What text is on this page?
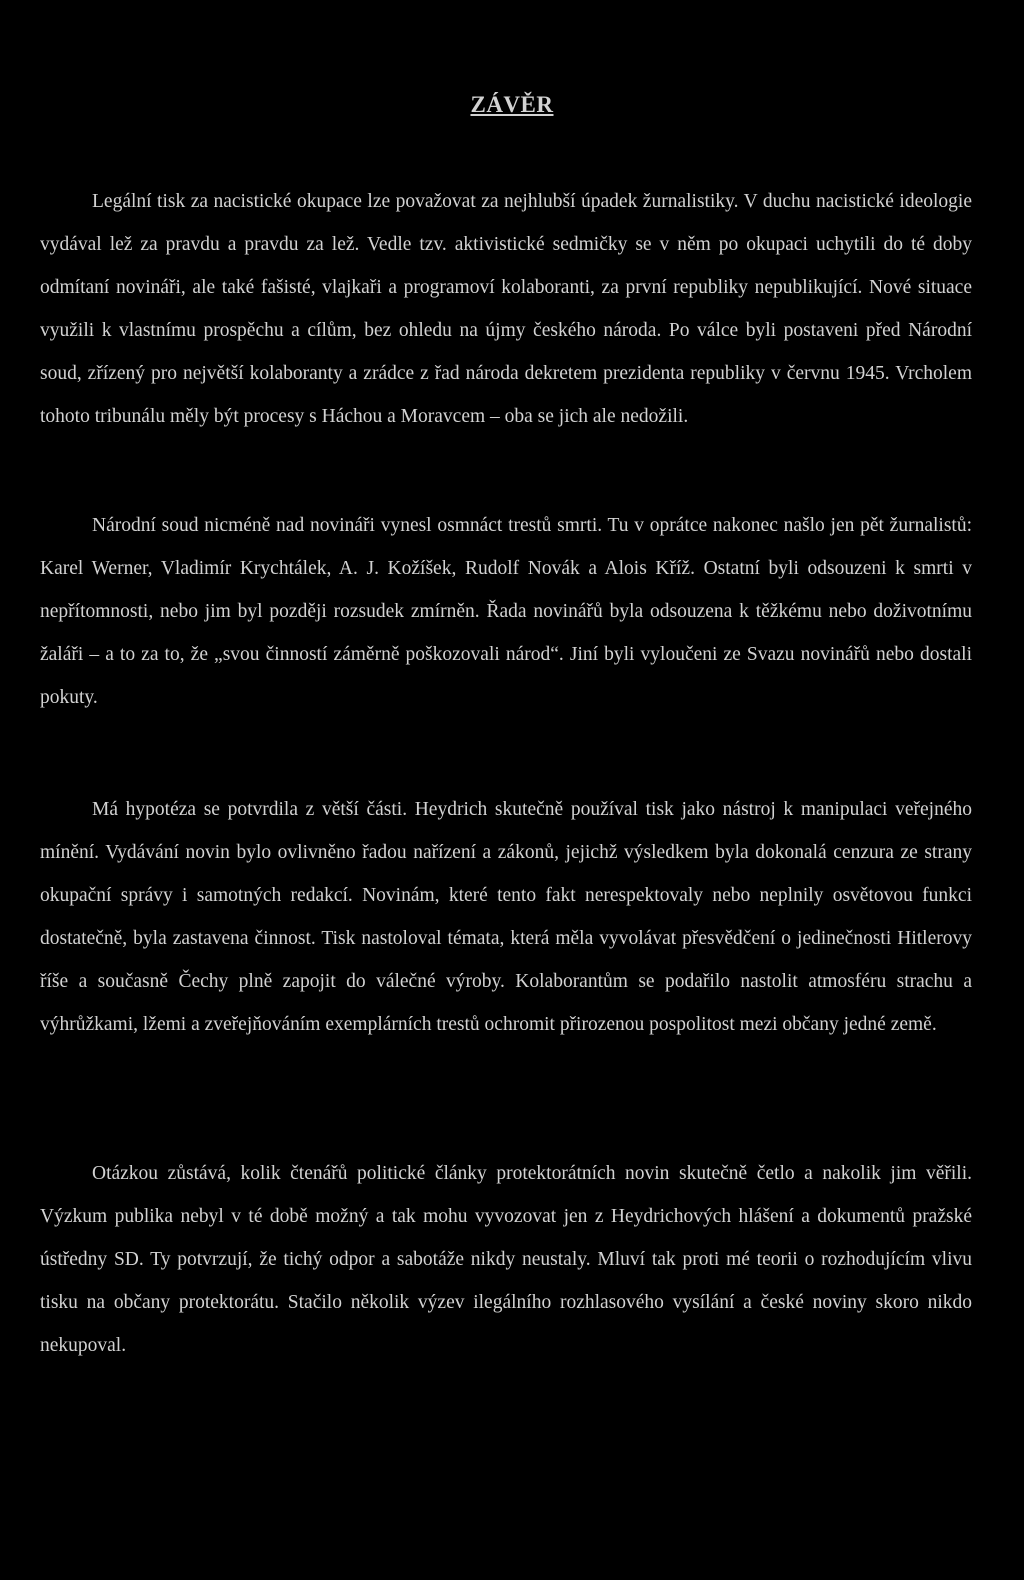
ZÁVĚR

Legální tisk za nacistické okupace lze považovat za nejhlubší úpadek žurnalistiky. V duchu nacistické ideologie vydával lež za pravdu a pravdu za lež. Vedle tzv. aktivistické sedmičky se v něm po okupaci uchytili do té doby odmítaní novináři, ale také fašisté, vlajkaři a programoví kolaboranti, za první republiky nepublikující. Nové situace využili k vlastnímu prospěchu a cílům, bez ohledu na újmy českého národa. Po válce byli postaveni před Národní soud, zřízený pro největší kolaboranty a zrádce z řad národa dekretem prezidenta republiky v červnu 1945. Vrcholem tohoto tribunálu měly být procesy s Háchou a Moravcem – oba se jich ale nedožili.

Národní soud nicméně nad novináři vynesl osmnáct trestů smrti. Tu v oprátce nakonec našlo jen pět žurnalistů: Karel Werner, Vladimír Krychtálek, A. J. Kožíšek, Rudolf Novák a Alois Kříž. Ostatní byli odsouzeni k smrti v nepřítomnosti, nebo jim byl později rozsudek zmírněn. Řada novinářů byla odsouzena k těžkému nebo doživotnímu žaláři – a to za to, že „svou činností záměrně poškozovali národ“. Jiní byli vyloučeni ze Svazu novinářů nebo dostali pokuty.

Má hypotéza se potvrdila z větší části. Heydrich skutečně používal tisk jako nástroj k manipulaci veřejného mínění. Vydávání novin bylo ovlivněno řadou nařízení a zákonů, jejichž výsledkem byla dokonalá cenzura ze strany okupační správy i samotných redakcí. Novinám, které tento fakt nerespektovaly nebo neplnily osvětovou funkci dostatečně, byla zastavena činnost. Tisk nastoloval témata, která měla vyvolávat přesvědčení o jedinečnosti Hitlerovy říše a současně Čechy plně zapojit do válečné výroby. Kolaborantům se podařilo nastolit atmosféru strachu a výhrůžkami, lžemi a zveřejňováním exemplárních trestů ochromit přirozenou pospolitost mezi občany jedné země.

Otázkou zůstává, kolik čtenářů politické články protektorátních novin skutečně četlo a nakolik jim věřili. Výzkum publika nebyl v té době možný a tak mohu vyvozovat jen z Heydrichových hlášení a dokumentů pražské ústředny SD. Ty potvrzují, že tichý odpor a sabotáže nikdy neustaly. Mluví tak proti mé teorii o rozhodujícím vlivu tisku na občany protektorátu. Stačilo několik výzev ilegálního rozhlasového vysílání a české noviny skoro nikdo nekupoval.
